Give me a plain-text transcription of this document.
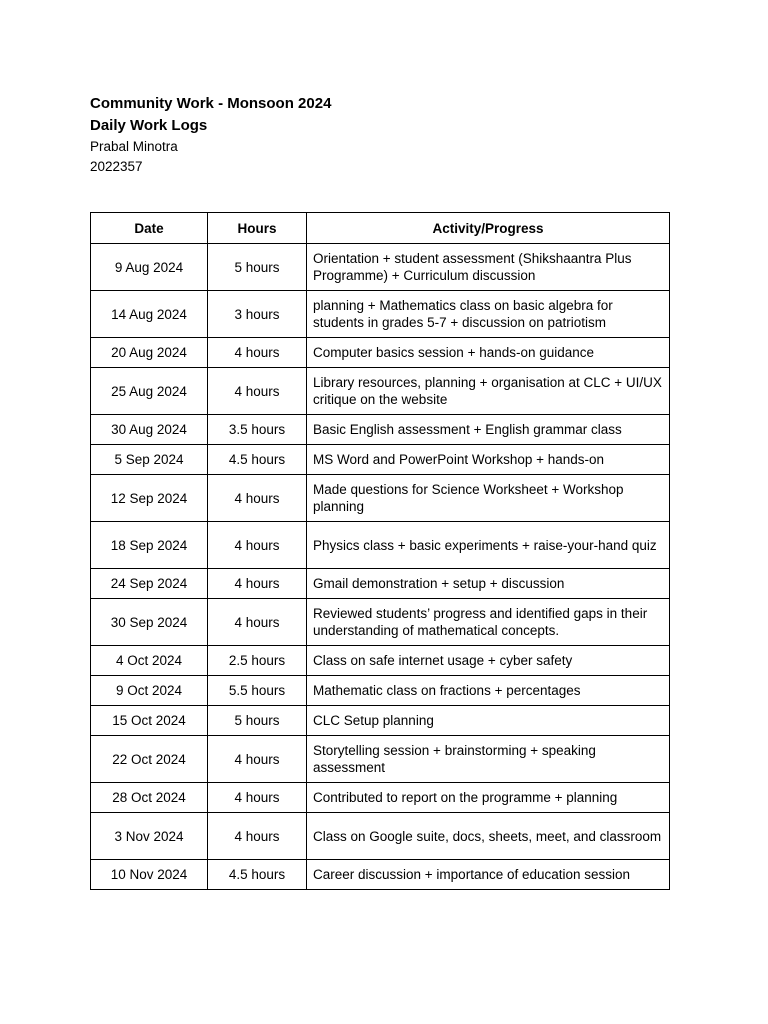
Community Work - Monsoon 2024
Daily Work Logs
Prabal Minotra
2022357
Date	Hours	Activity/Progress
9 Aug 2024	5 hours	Orientation + student assessment (Shikshaantra Plus Programme) + Curriculum discussion
14 Aug 2024	3 hours	planning + Mathematics class on basic algebra for students in grades 5-7 + discussion on patriotism
20 Aug 2024	4 hours	Computer basics session + hands-on guidance
25 Aug 2024	4 hours	Library resources, planning + organisation at CLC + UI/UX critique on the website
30 Aug 2024	3.5 hours	Basic English assessment + English grammar class
5 Sep 2024	4.5 hours	MS Word and PowerPoint Workshop + hands-on
12 Sep 2024	4 hours	Made questions for Science Worksheet + Workshop planning
18 Sep 2024	4 hours	Physics class + basic experiments + raise-your-hand quiz
24 Sep 2024	4 hours	Gmail demonstration + setup + discussion
30 Sep 2024	4 hours	Reviewed students’ progress and identified gaps in their understanding of mathematical concepts.
4 Oct 2024	2.5 hours	Class on safe internet usage + cyber safety
9 Oct 2024	5.5 hours	Mathematic class on fractions + percentages
15 Oct 2024	5 hours	CLC Setup planning
22 Oct 2024	4 hours	Storytelling session + brainstorming + speaking assessment
28 Oct 2024	4 hours	Contributed to report on the programme + planning
3 Nov 2024	4 hours	Class on Google suite, docs, sheets, meet, and classroom
10 Nov 2024	4.5 hours	Career discussion + importance of education session
